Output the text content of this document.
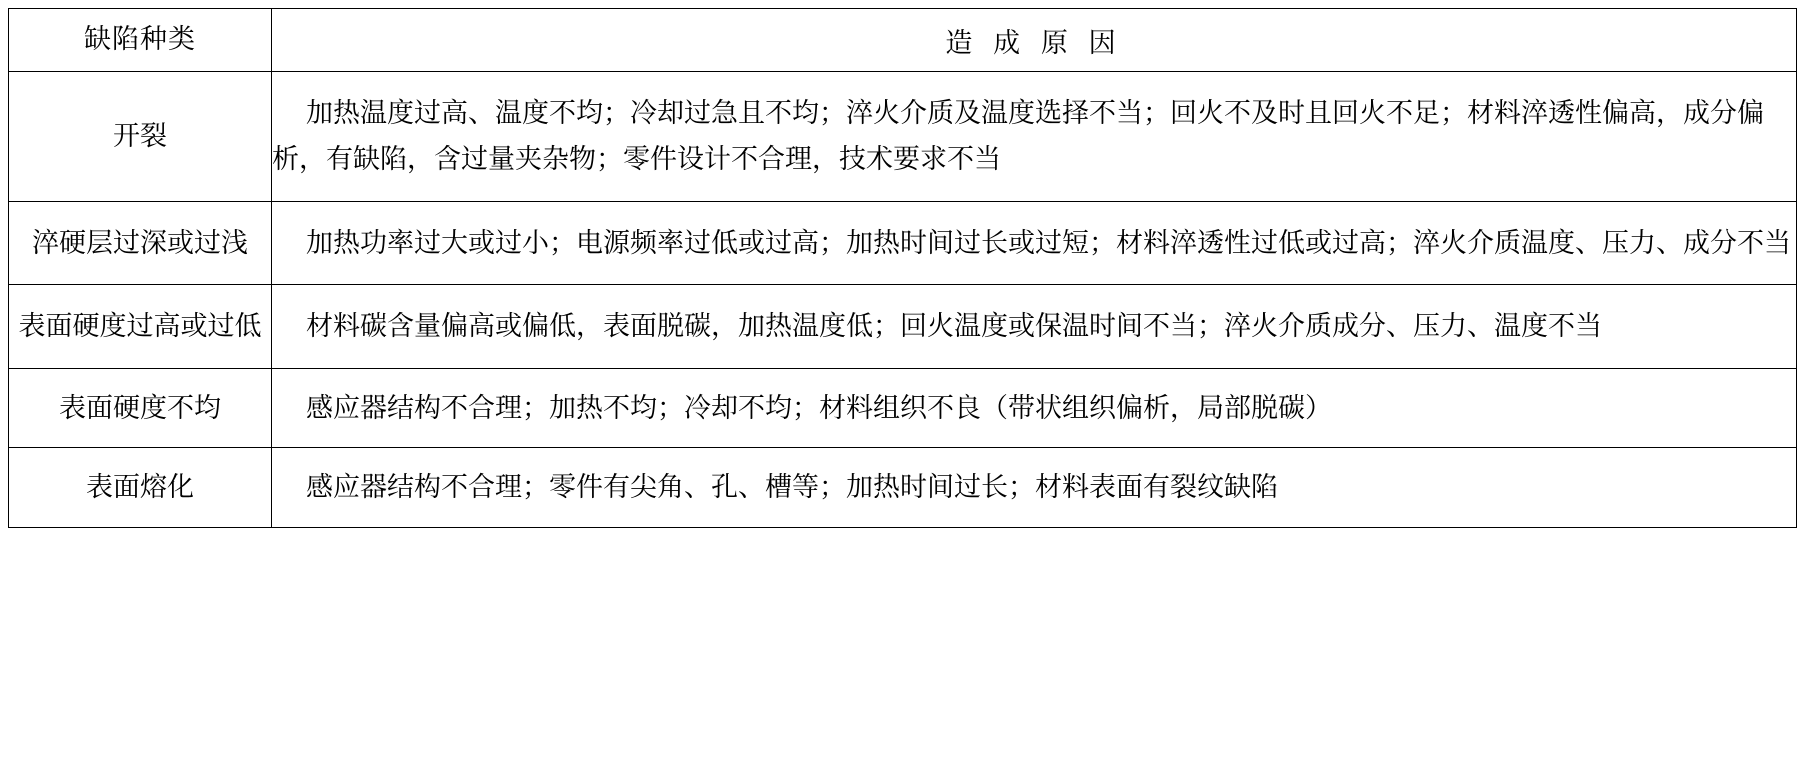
缺陷种类	造 成 原 因
开裂	加热温度过高、温度不均；冷却过急且不均；淬火介质及温度选择不当；回火不及时且回火不足；材料淬透性偏高，成分偏析，有缺陷，含过量夹杂物；零件设计不合理，技术要求不当
淬硬层过深或过浅	加热功率过大或过小；电源频率过低或过高；加热时间过长或过短；材料淬透性过低或过高；淬火介质温度、压力、成分不当
表面硬度过高或过低	材料碳含量偏高或偏低，表面脱碳，加热温度低；回火温度或保温时间不当；淬火介质成分、压力、温度不当
表面硬度不均	感应器结构不合理；加热不均；冷却不均；材料组织不良（带状组织偏析，局部脱碳）
表面熔化	感应器结构不合理；零件有尖角、孔、槽等；加热时间过长；材料表面有裂纹缺陷
